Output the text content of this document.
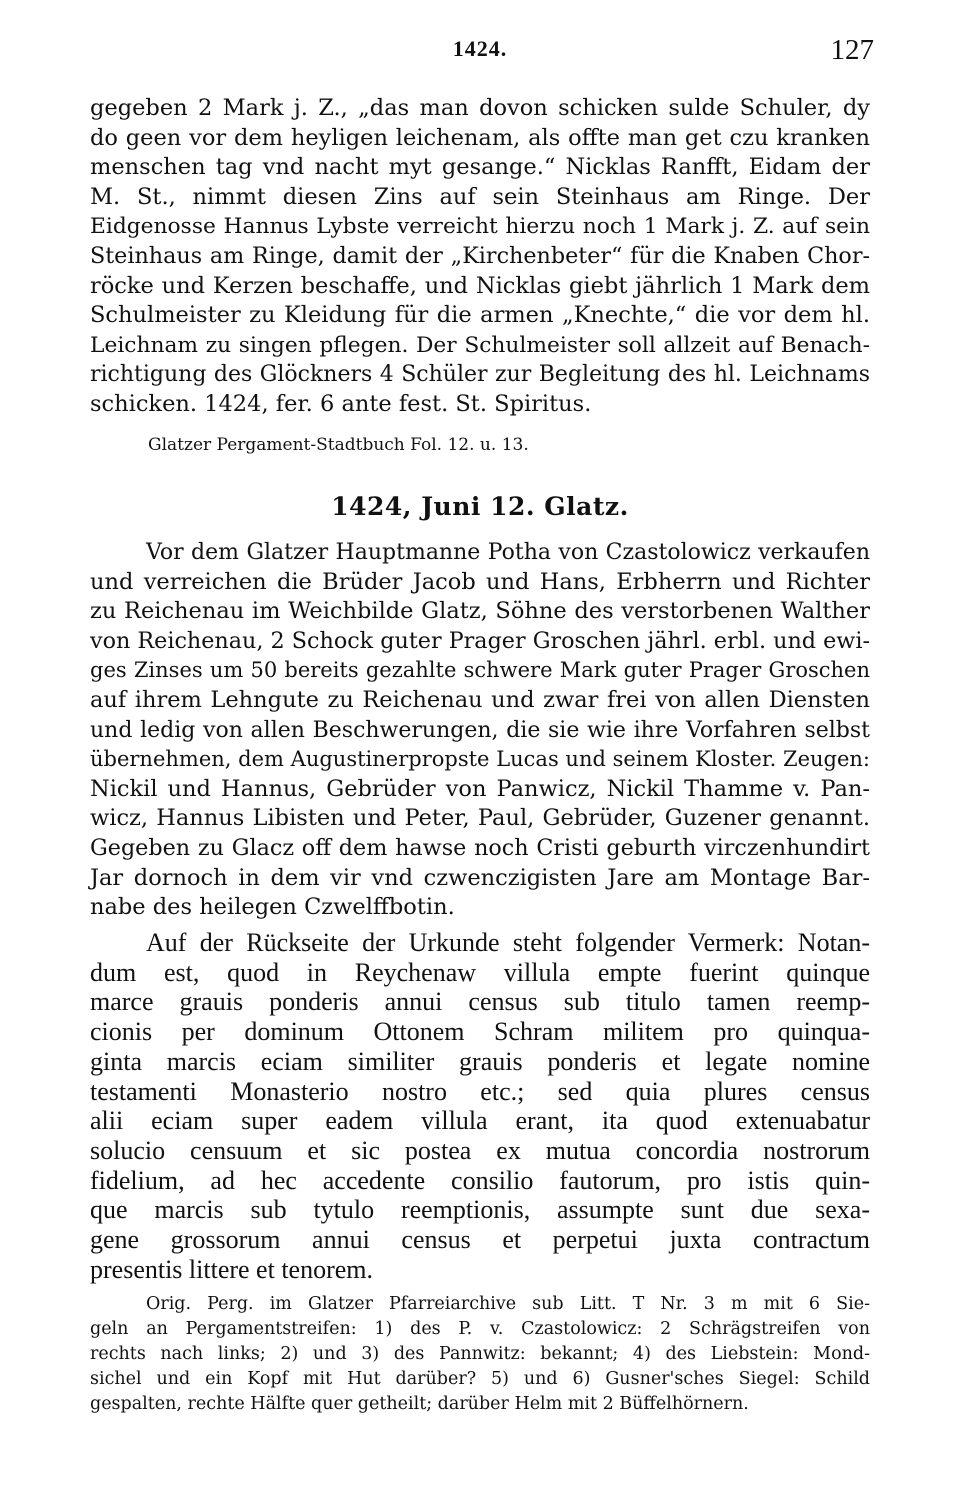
1424.	127
gegeben 2 Mark j. Z., „das man dovon schicken sulde Schuler, dy
do geen vor dem heyligen leichenam, als offte man get czu kranken
menschen tag vnd nacht myt gesange.“ Nicklas Ranfft, Eidam der
M. St., nimmt diesen Zins auf sein Steinhaus am Ringe. Der
Eidgenosse Hannus Lybste verreicht hierzu noch 1 Mark j. Z. auf sein
Steinhaus am Ringe, damit der „Kirchenbeter“ für die Knaben Chor-
röcke und Kerzen beschaffe, und Nicklas giebt jährlich 1 Mark dem
Schulmeister zu Kleidung für die armen „Knechte,“ die vor dem hl.
Leichnam zu singen pflegen. Der Schulmeister soll allzeit auf Benach-
richtigung des Glöckners 4 Schüler zur Begleitung des hl. Leichnams
schicken. 1424, fer. 6 ante fest. St. Spiritus.
Glatzer Pergament-Stadtbuch Fol. 12. u. 13.
1424, Juni 12. Glatz.
Vor dem Glatzer Hauptmanne Potha von Czastolowicz verkaufen
und verreichen die Brüder Jacob und Hans, Erbherrn und Richter
zu Reichenau im Weichbilde Glatz, Söhne des verstorbenen Walther
von Reichenau, 2 Schock guter Prager Groschen jährl. erbl. und ewi-
ges Zinses um 50 bereits gezahlte schwere Mark guter Prager Groschen
auf ihrem Lehngute zu Reichenau und zwar frei von allen Diensten
und ledig von allen Beschwerungen, die sie wie ihre Vorfahren selbst
übernehmen, dem Augustinerpropste Lucas und seinem Kloster. Zeugen:
Nickil und Hannus, Gebrüder von Panwicz, Nickil Thamme v. Pan-
wicz, Hannus Libisten und Peter, Paul, Gebrüder, Guzener genannt.
Gegeben zu Glacz off dem hawse noch Cristi geburth virczenhundirt
Jar dornoch in dem vir vnd czwenczigisten Jare am Montage Bar-
nabe des heilegen Czwelffbotin.
Auf der Rückseite der Urkunde steht folgender Vermerk: Notan-
dum est, quod in Reychenaw villula empte fuerint quinque
marce grauis ponderis annui census sub titulo tamen reemp-
cionis per dominum Ottonem Schram militem pro quinqua-
ginta marcis eciam similiter grauis ponderis et legate nomine
testamenti Monasterio nostro etc.; sed quia plures census
alii eciam super eadem villula erant, ita quod extenuabatur
solucio censuum et sic postea ex mutua concordia nostrorum
fidelium, ad hec accedente consilio fautorum, pro istis quin-
que marcis sub tytulo reemptionis, assumpte sunt due sexa-
gene grossorum annui census et perpetui juxta contractum
presentis littere et tenorem.
Orig. Perg. im Glatzer Pfarreiarchive sub Litt. T Nr. 3 m mit 6 Sie-
geln an Pergamentstreifen: 1) des P. v. Czastolowicz: 2 Schrägstreifen von
rechts nach links; 2) und 3) des Pannwitz: bekannt; 4) des Liebstein: Mond-
sichel und ein Kopf mit Hut darüber? 5) und 6) Gusner'sches Siegel: Schild
gespalten, rechte Hälfte quer getheilt; darüber Helm mit 2 Büffelhörnern.
